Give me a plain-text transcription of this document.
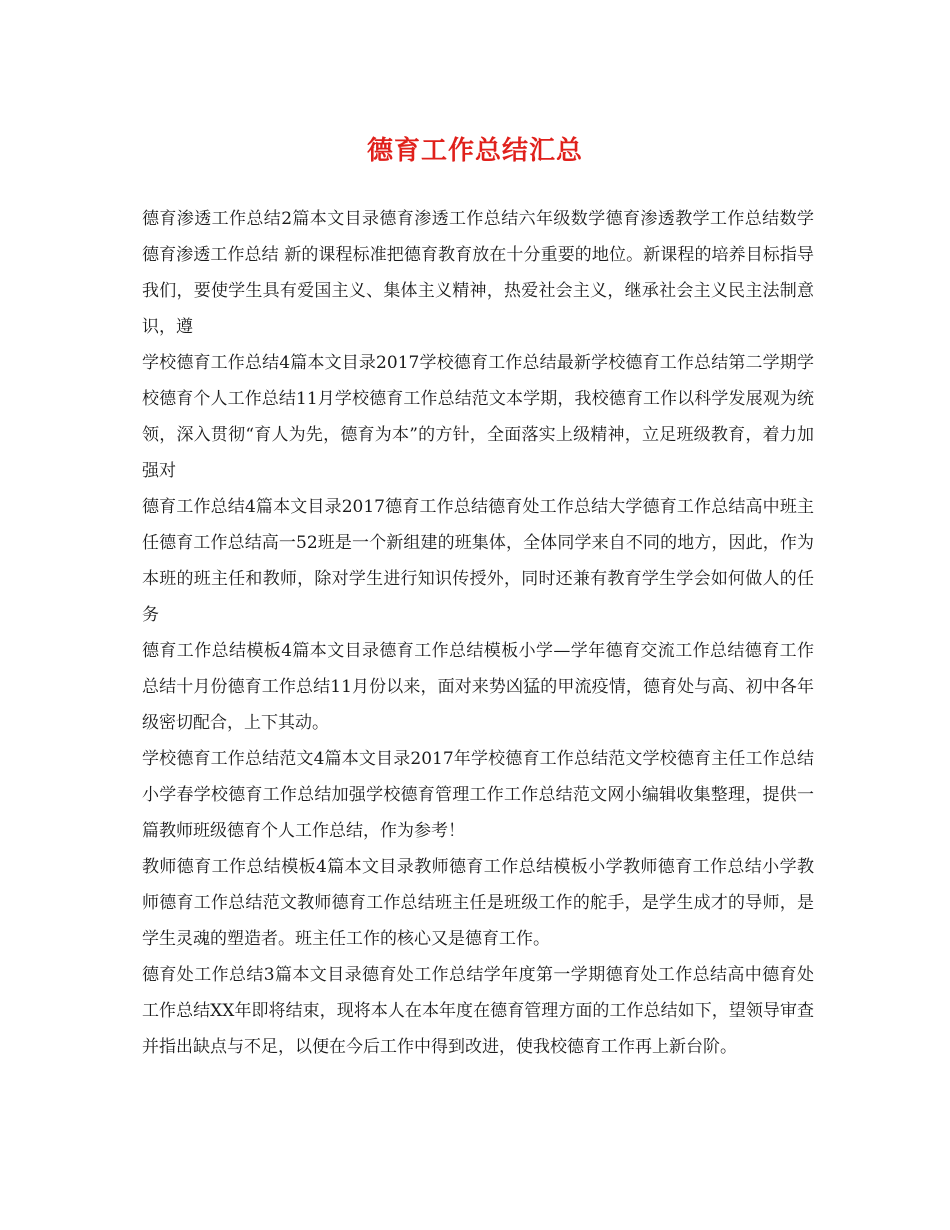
德育工作总结汇总

德育渗透工作总结2篇本文目录德育渗透工作总结六年级数学德育渗透教学工作总结数学德育渗透工作总结 新的课程标准把德育教育放在十分重要的地位。新课程的培养目标指导我们，要使学生具有爱国主义、集体主义精神，热爱社会主义，继承社会主义民主法制意识，遵

学校德育工作总结4篇本文目录2017学校德育工作总结最新学校德育工作总结第二学期学校德育个人工作总结11月学校德育工作总结范文本学期，我校德育工作以科学发展观为统领，深入贯彻“育人为先，德育为本”的方针，全面落实上级精神，立足班级教育，着力加强对

德育工作总结4篇本文目录2017德育工作总结德育处工作总结大学德育工作总结高中班主任德育工作总结高一52班是一个新组建的班集体，全体同学来自不同的地方，因此，作为本班的班主任和教师，除对学生进行知识传授外，同时还兼有教育学生学会如何做人的任务

德育工作总结模板4篇本文目录德育工作总结模板小学—学年德育交流工作总结德育工作总结十月份德育工作总结11月份以来，面对来势凶猛的甲流疫情，德育处与高、初中各年级密切配合，上下其动。

学校德育工作总结范文4篇本文目录2017年学校德育工作总结范文学校德育主任工作总结小学春学校德育工作总结加强学校德育管理工作工作总结范文网小编辑收集整理，提供一篇教师班级德育个人工作总结，作为参考！

教师德育工作总结模板4篇本文目录教师德育工作总结模板小学教师德育工作总结小学教师德育工作总结范文教师德育工作总结班主任是班级工作的舵手，是学生成才的导师，是学生灵魂的塑造者。班主任工作的核心又是德育工作。

德育处工作总结3篇本文目录德育处工作总结学年度第一学期德育处工作总结高中德育处工作总结XX年即将结束，现将本人在本年度在德育管理方面的工作总结如下，望领导审查并指出缺点与不足，以便在今后工作中得到改进，使我校德育工作再上新台阶。
